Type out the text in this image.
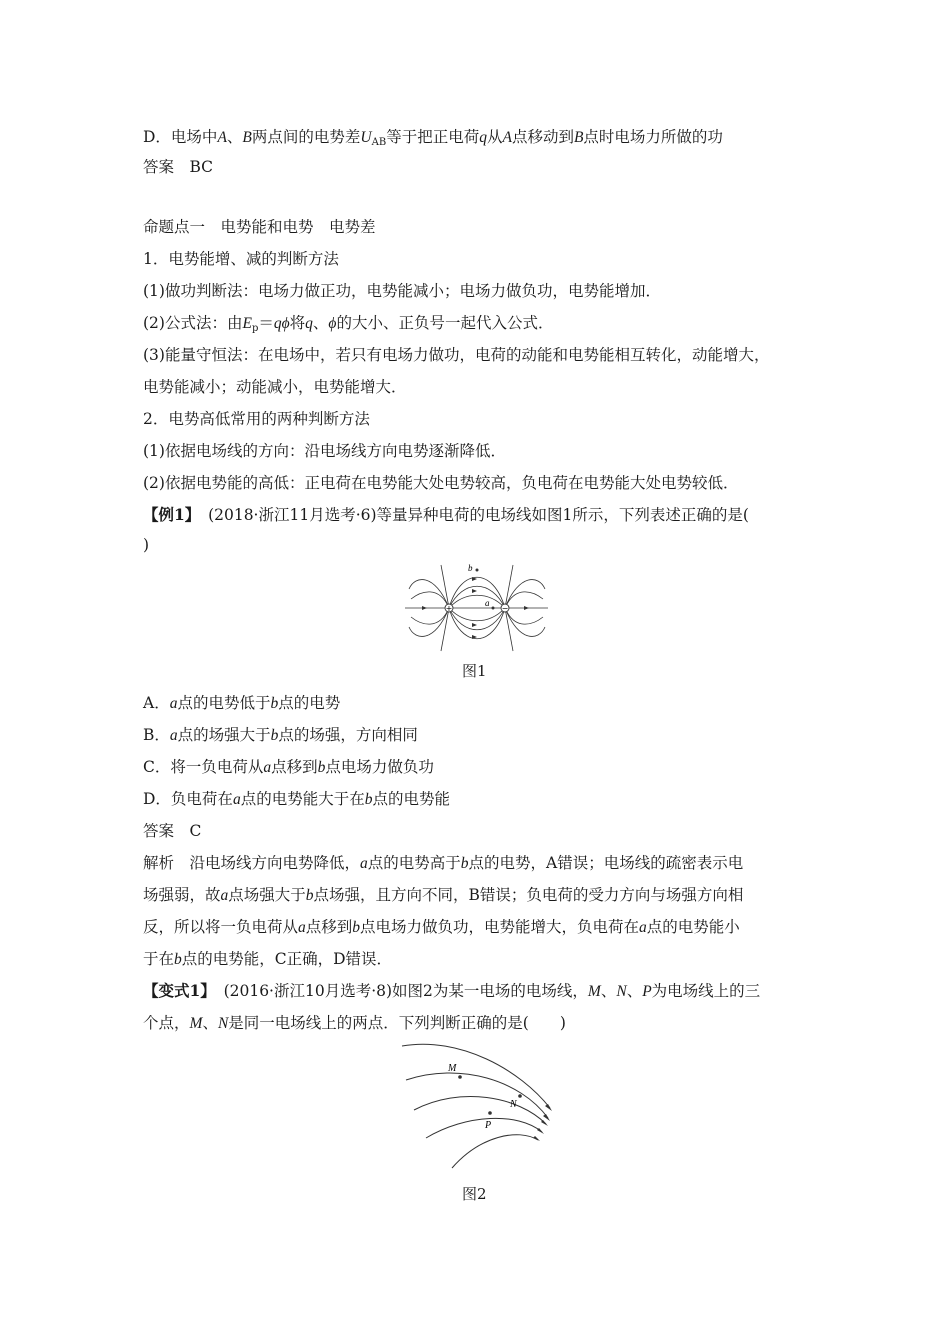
D．电场中A、B两点间的电势差$U_{AB}$等于把正电荷q从A点移动到B点时电场力所做的功
答案　BC
命题点一　电势能和电势　电势差
1．电势能增、减的判断方法
(1)做功判断法：电场力做正功，电势能减小；电场力做负功，电势能增加．
(2)公式法：由$E_p=q\phi$将q、ϕ的大小、正负号一起代入公式．
(3)能量守恒法：在电场中，若只有电场力做功，电荷的动能和电势能相互转化，动能增大，
电势能减小；动能减小，电势能增大．
2．电势高低常用的两种判断方法
(1)依据电场线的方向：沿电场线方向电势逐渐降低．
(2)依据电势能的高低：正电荷在电势能大处电势较高，负电荷在电势能大处电势较低．
【例1】　 (2018·浙江11月选考·6)等量异种电荷的电场线如图1所示，下列表述正确的是(
)
+	−
b
a
图1
A．a点的电势低于b点的电势
B．a点的场强大于b点的场强，方向相同
C．将一负电荷从a点移到b点电场力做负功
D．负电荷在a点的电势能大于在b点的电势能
答案　C
解析　沿电场线方向电势降低，a点的电势高于b点的电势，A错误；电场线的疏密表示电
场强弱，故a点场强大于b点场强，且方向不同，B错误；负电荷的受力方向与场强方向相
反，所以将一负电荷从a点移到b点电场力做负功，电势能增大，负电荷在a点的电势能小
于在b点的电势能，C正确，D错误．
【变式1】　 (2016·浙江10月选考·8)如图2为某一电场的电场线，M、N、P为电场线上的三
个点，M、N是同一电场线上的两点．下列判断正确的是(　　)
M
N
P
图2
